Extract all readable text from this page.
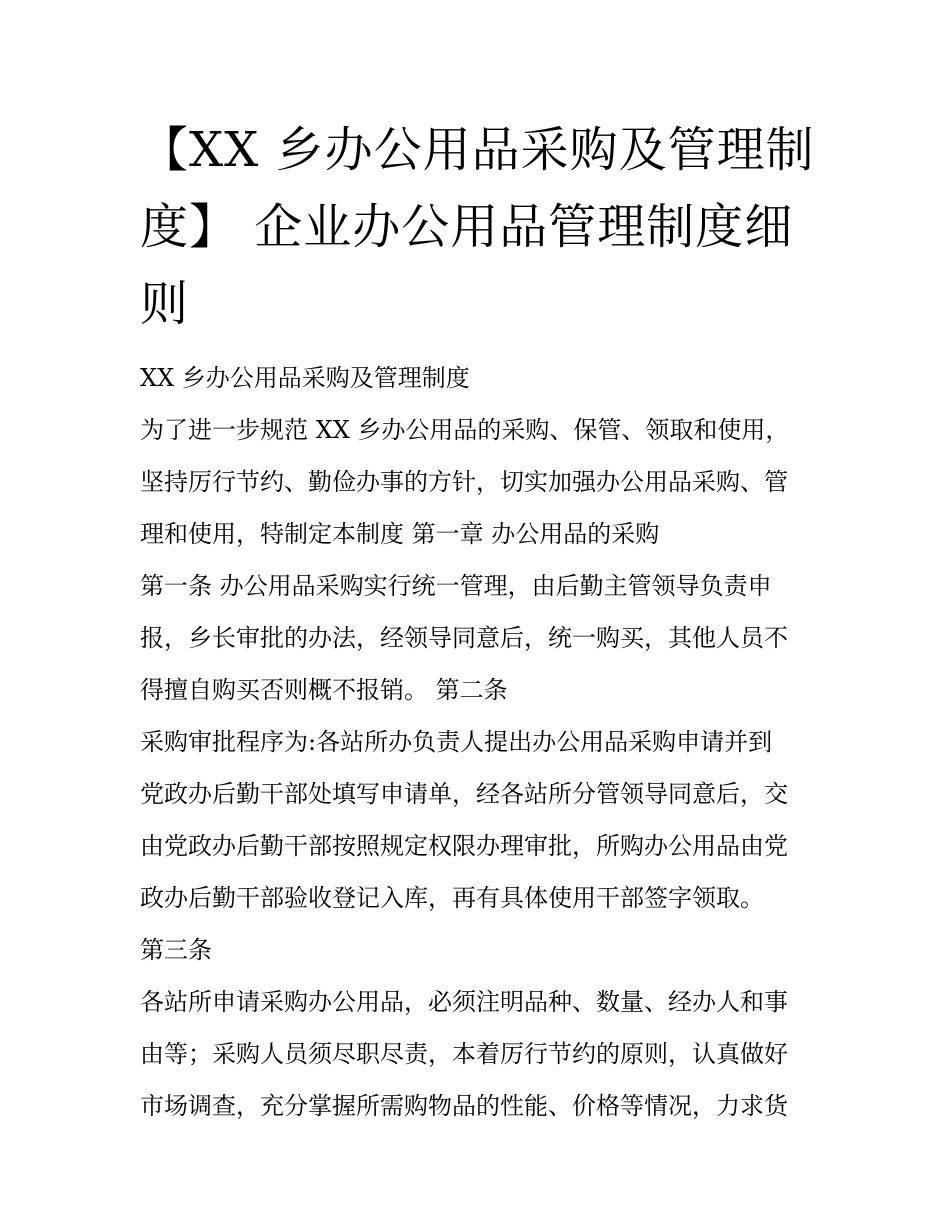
【XX 乡办公用品采购及管理制
度】 企业办公用品管理制度细
则
XX 乡办公用品采购及管理制度
为了进一步规范 XX 乡办公用品的采购、保管、领取和使用，
坚持厉行节约、勤俭办事的方针，切实加强办公用品采购、管
理和使用，特制定本制度 第一章 办公用品的采购
第一条 办公用品采购实行统一管理，由后勤主管领导负责申
报，乡长审批的办法，经领导同意后，统一购买，其他人员不
得擅自购买否则概不报销。 第二条
采购审批程序为:各站所办负责人提出办公用品采购申请并到
党政办后勤干部处填写申请单，经各站所分管领导同意后，交
由党政办后勤干部按照规定权限办理审批，所购办公用品由党
政办后勤干部验收登记入库，再有具体使用干部签字领取。
第三条
各站所申请采购办公用品，必须注明品种、数量、经办人和事
由等；采购人员须尽职尽责，本着厉行节约的原则，认真做好
市场调查，充分掌握所需购物品的性能、价格等情况，力求货
